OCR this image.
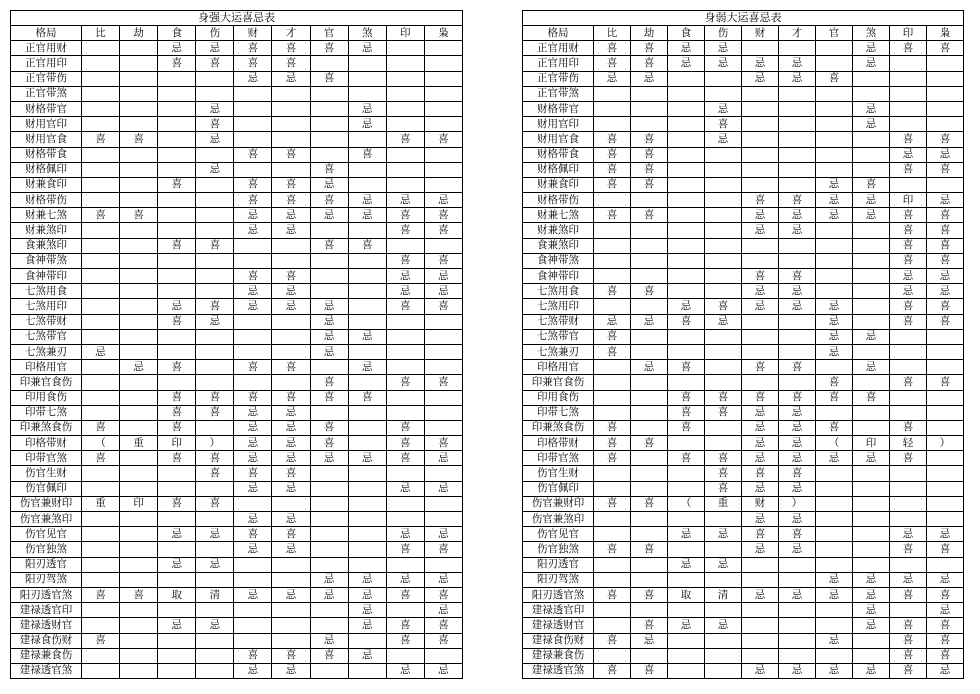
身强大运喜忌表
格局	比	劫	食	伤	财	才	官	煞	印	枭
正官用财			忌	忌	喜	喜	喜	忌		
正官用印			喜	喜	喜	喜				
正官带伤					忌	忌	喜			
正官带煞										
财格带官				忌				忌		
财用官印				喜				忌		
财用官食	喜	喜		忌					喜	喜
财格带食					喜	喜		喜		
财格佩印				忌			喜			
财兼食印			喜		喜	喜	忌			
财格带伤					喜	喜	喜	忌	忌	忌
财兼七煞	喜	喜			忌	忌	忌	忌	喜	喜
财兼煞印					忌	忌			喜	喜
食兼煞印			喜	喜			喜	喜		
食神带煞									喜	喜
食神带印					喜	喜			忌	忌
七煞用食					忌	忌			忌	忌
七煞用印			忌	喜	忌	忌	忌		喜	喜
七煞带财			喜	忌			忌			
七煞带官							忌	忌		
七煞兼刃	忌						忌			
印格用官		忌	喜		喜	喜		忌		
印兼官食伤							喜		喜	喜
印用食伤			喜	喜	喜	喜	喜	喜		
印带七煞			喜	喜	忌	忌				
印兼煞食伤	喜		喜		忌	忌	喜		喜	
印格带财	（	重	印	）	忌	忌	喜		喜	喜
印带官煞	喜		喜	喜	忌	忌	忌	忌	喜	忌
伤官生财				喜	喜	喜				
伤官佩印					忌	忌			忌	忌
伤官兼财印	重	印	喜	喜						
伤官兼煞印					忌	忌				
伤官见官			忌	忌	喜	喜			忌	忌
伤官独煞					忌	忌			喜	喜
阳刃透官			忌	忌						
阳刃驾煞							忌	忌	忌	忌
阳刃透官煞	喜	喜	取	清	忌	忌	忌	忌	喜	喜
建禄透官印								忌		忌
建禄透财官			忌	忌				忌	喜	喜
建禄食伤财	喜						忌		喜	喜
建禄兼食伤					喜	喜	喜	忌		
建禄透官煞					忌	忌			忌	忌
身弱大运喜忌表
格局	比	劫	食	伤	财	才	官	煞	印	枭
正官用财	喜	喜	忌	忌				忌	喜	喜
正官用印	喜	喜	忌	忌	忌	忌		忌		
正官带伤	忌	忌			忌	忌	喜			
正官带煞										
财格带官				忌				忌		
财用官印				喜				忌		
财用官食	喜	喜		忌					喜	喜
财格带食	喜	喜							忌	忌
财格佩印	喜	喜							喜	喜
财兼食印	喜	喜					忌	喜		
财格带伤					喜	喜	忌	忌	印	忌
财兼七煞	喜	喜			忌	忌	忌	忌	喜	喜
财兼煞印					忌	忌			喜	喜
食兼煞印									喜	喜
食神带煞									喜	喜
食神带印					喜	喜			忌	忌
七煞用食	喜	喜			忌	忌			忌	忌
七煞用印			忌	喜	忌	忌	忌		喜	喜
七煞带财	忌	忌	喜	忌			忌		喜	喜
七煞带官	喜						忌	忌		
七煞兼刃	喜						忌			
印格用官		忌	喜		喜	喜		忌		
印兼官食伤							喜		喜	喜
印用食伤			喜	喜	喜	喜	喜	喜		
印带七煞			喜	喜	忌	忌				
印兼煞食伤	喜		喜		忌	忌	喜		喜	
印格带财	喜	喜			忌	忌	（	印	轻	）
印带官煞	喜		喜	喜	忌	忌	忌	忌	喜	
伤官生财				喜	喜	喜				
伤官佩印				喜	忌	忌				
伤官兼财印	喜	喜	（	重	财	）				
伤官兼煞印					忌	忌				
伤官见官			忌	忌	喜	喜			忌	忌
伤官独煞	喜	喜			忌	忌			喜	喜
阳刃透官			忌	忌						
阳刃驾煞							忌	忌	忌	忌
阳刃透官煞	喜	喜	取	清	忌	忌	忌	忌	喜	喜
建禄透官印								忌		忌
建禄透财官		喜	忌	忌				忌	喜	喜
建禄食伤财	喜	忌					忌		喜	喜
建禄兼食伤									喜	喜
建禄透官煞	喜	喜			忌	忌	忌	忌	喜	忌
